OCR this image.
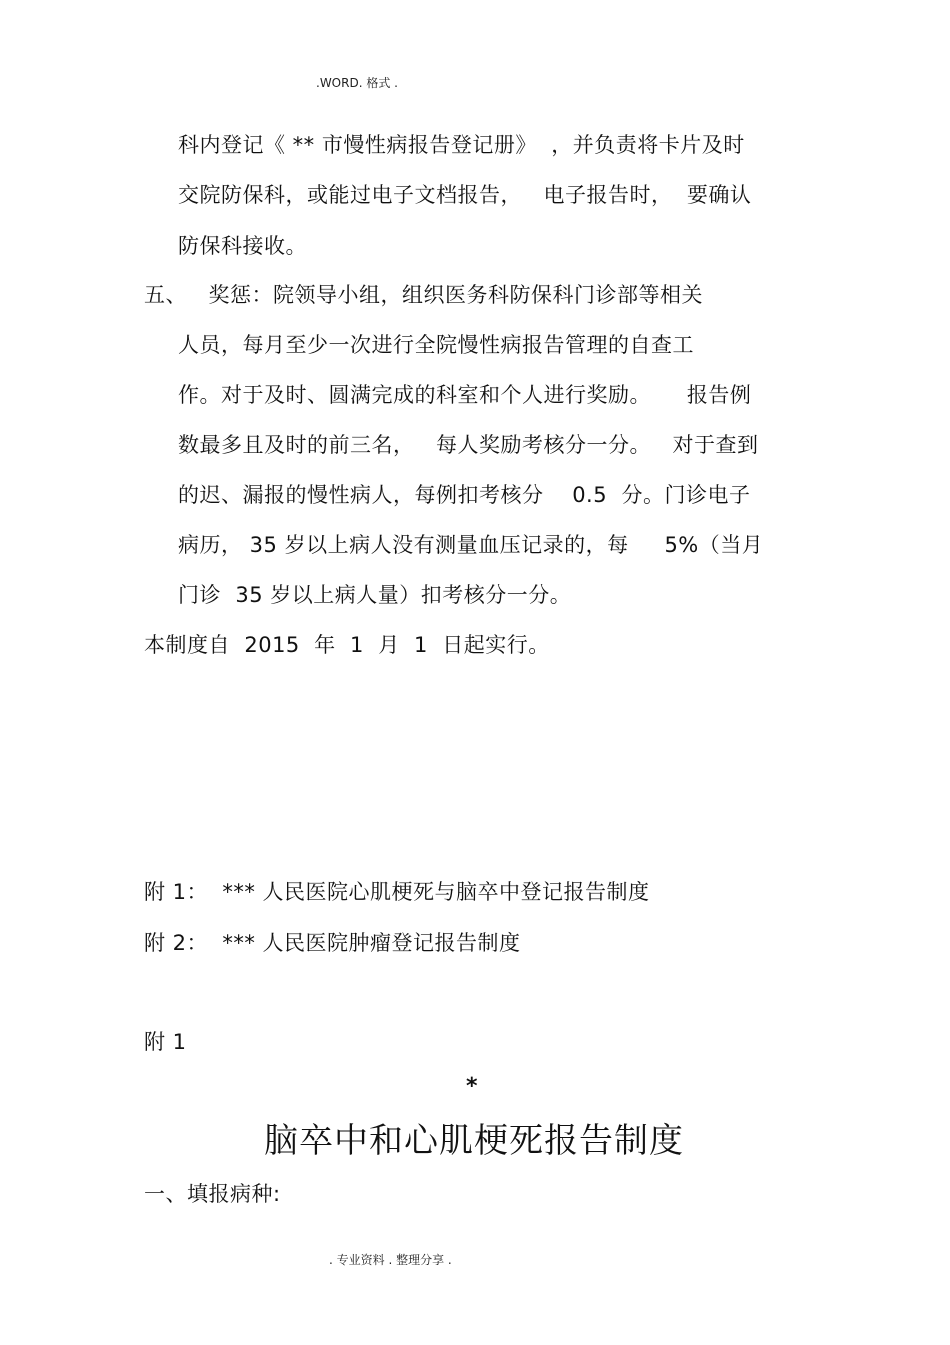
.WORD. 格式 .
科内登记《 ** 市慢性病报告登记册》  ，并负责将卡片及时
交院防保科，或能过电子文档报告，   电子报告时，  要确认
防保科接收。
五、   奖惩：院领导小组，组织医务科防保科门诊部等相关
人员，每月至少一次进行全院慢性病报告管理的自查工
作。对于及时、圆满完成的科室和个人进行奖励。     报告例
数最多且及时的前三名，   每人奖励考核分一分。   对于查到
的迟、漏报的慢性病人，每例扣考核分    0.5  分。门诊电子
病历， 35 岁以上病人没有测量血压记录的，每     5%（当月
门诊  35 岁以上病人量）扣考核分一分。
本制度自  2015  年  1  月  1  日起实行。
附 1：  *** 人民医院心肌梗死与脑卒中登记报告制度
附 2：  *** 人民医院肿瘤登记报告制度
附 1
*
脑卒中和心肌梗死报告制度
一、填报病种:
. 专业资料 . 整理分享 .
